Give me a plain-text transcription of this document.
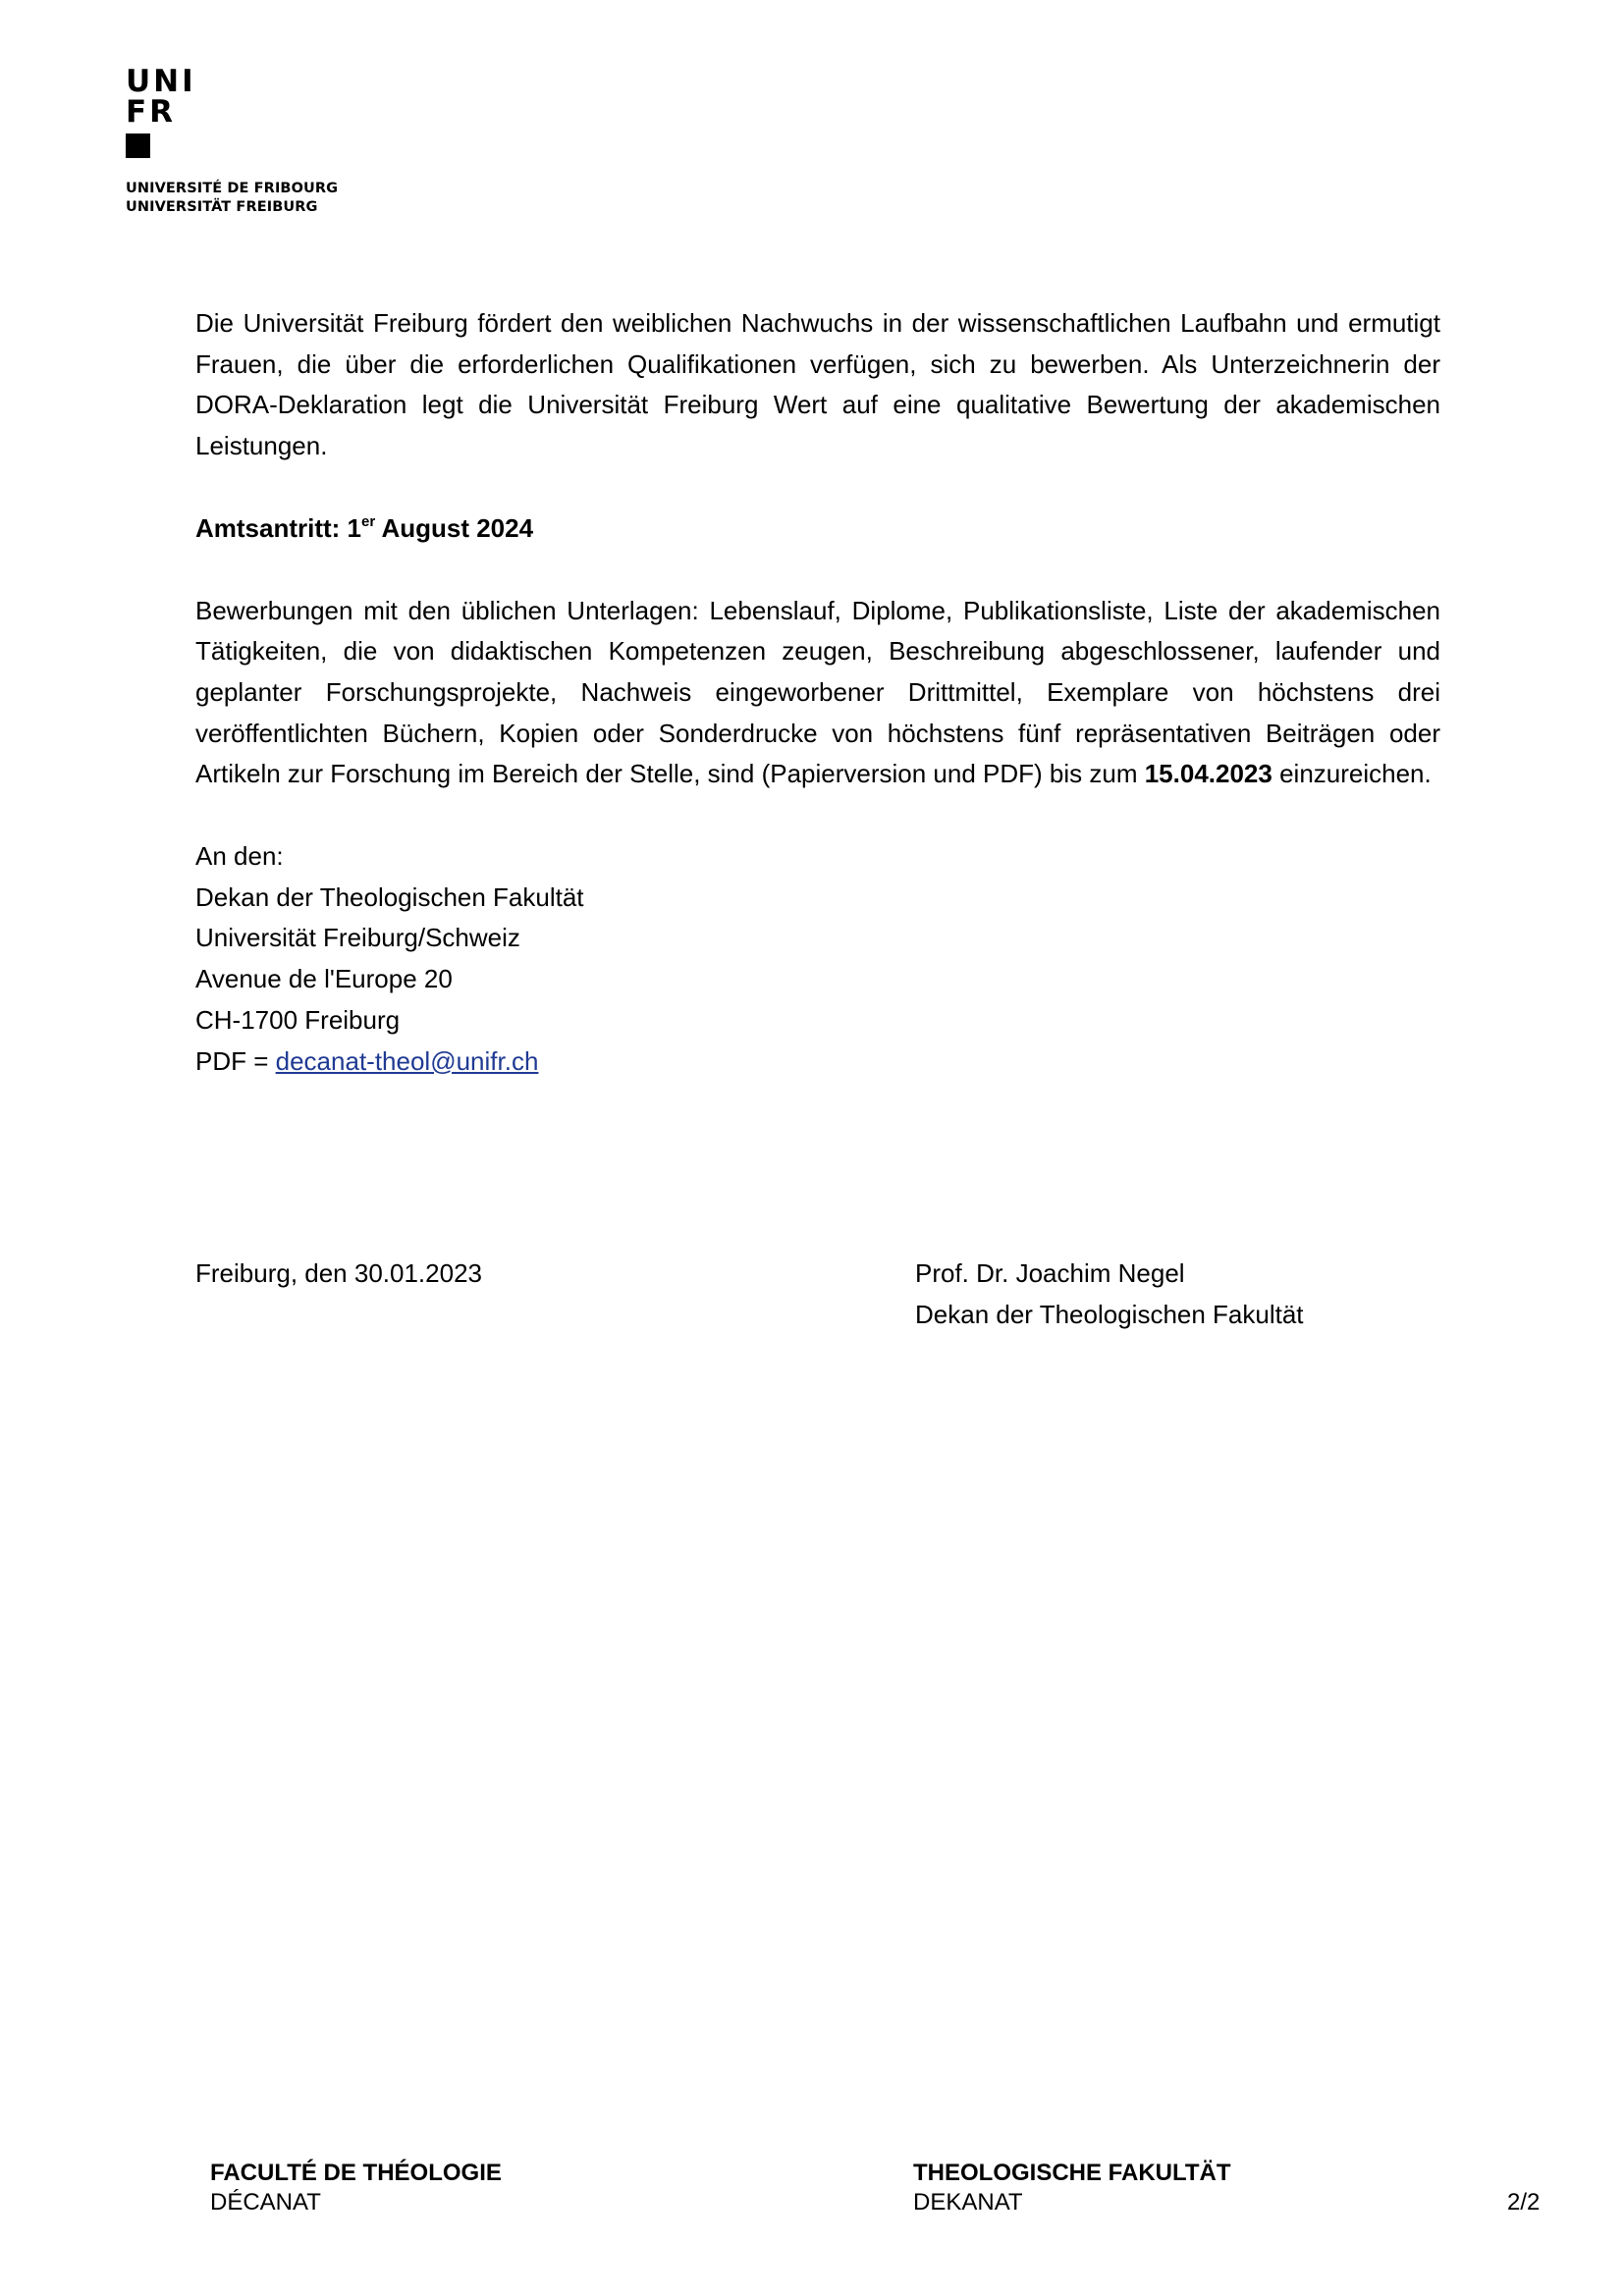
UNI
FR
UNIVERSITÉ DE FRIBOURG
UNIVERSITÄT FREIBURG

Die Universität Freiburg fördert den weiblichen Nachwuchs in der wissenschaftlichen Laufbahn und ermutigt Frauen, die über die erforderlichen Qualifikationen verfügen, sich zu bewerben. Als Unterzeichnerin der DORA-Deklaration legt die Universität Freiburg Wert auf eine qualitative Bewertung der akademischen Leistungen.

Amtsantritt: 1er August 2024

Bewerbungen mit den üblichen Unterlagen: Lebenslauf, Diplome, Publikationsliste, Liste der akademischen Tätigkeiten, die von didaktischen Kompetenzen zeugen, Beschreibung abgeschlossener, laufender und geplanter Forschungsprojekte, Nachweis eingeworbener Drittmittel, Exemplare von höchstens drei veröffentlichten Büchern, Kopien oder Sonderdrucke von höchstens fünf repräsentativen Beiträgen oder Artikeln zur Forschung im Bereich der Stelle, sind (Papierversion und PDF) bis zum 15.04.2023 einzureichen.

An den:
Dekan der Theologischen Fakultät
Universität Freiburg/Schweiz
Avenue de l'Europe 20
CH-1700 Freiburg
PDF = decanat-theol@unifr.ch
Freiburg, den 30.01.2023	Prof. Dr. Joachim Negel
Dekan der Theologischen Fakultät
FACULTÉ DE THÉOLOGIE
DÉCANAT
THEOLOGISCHE FAKULTÄT
DEKANAT	2/2
